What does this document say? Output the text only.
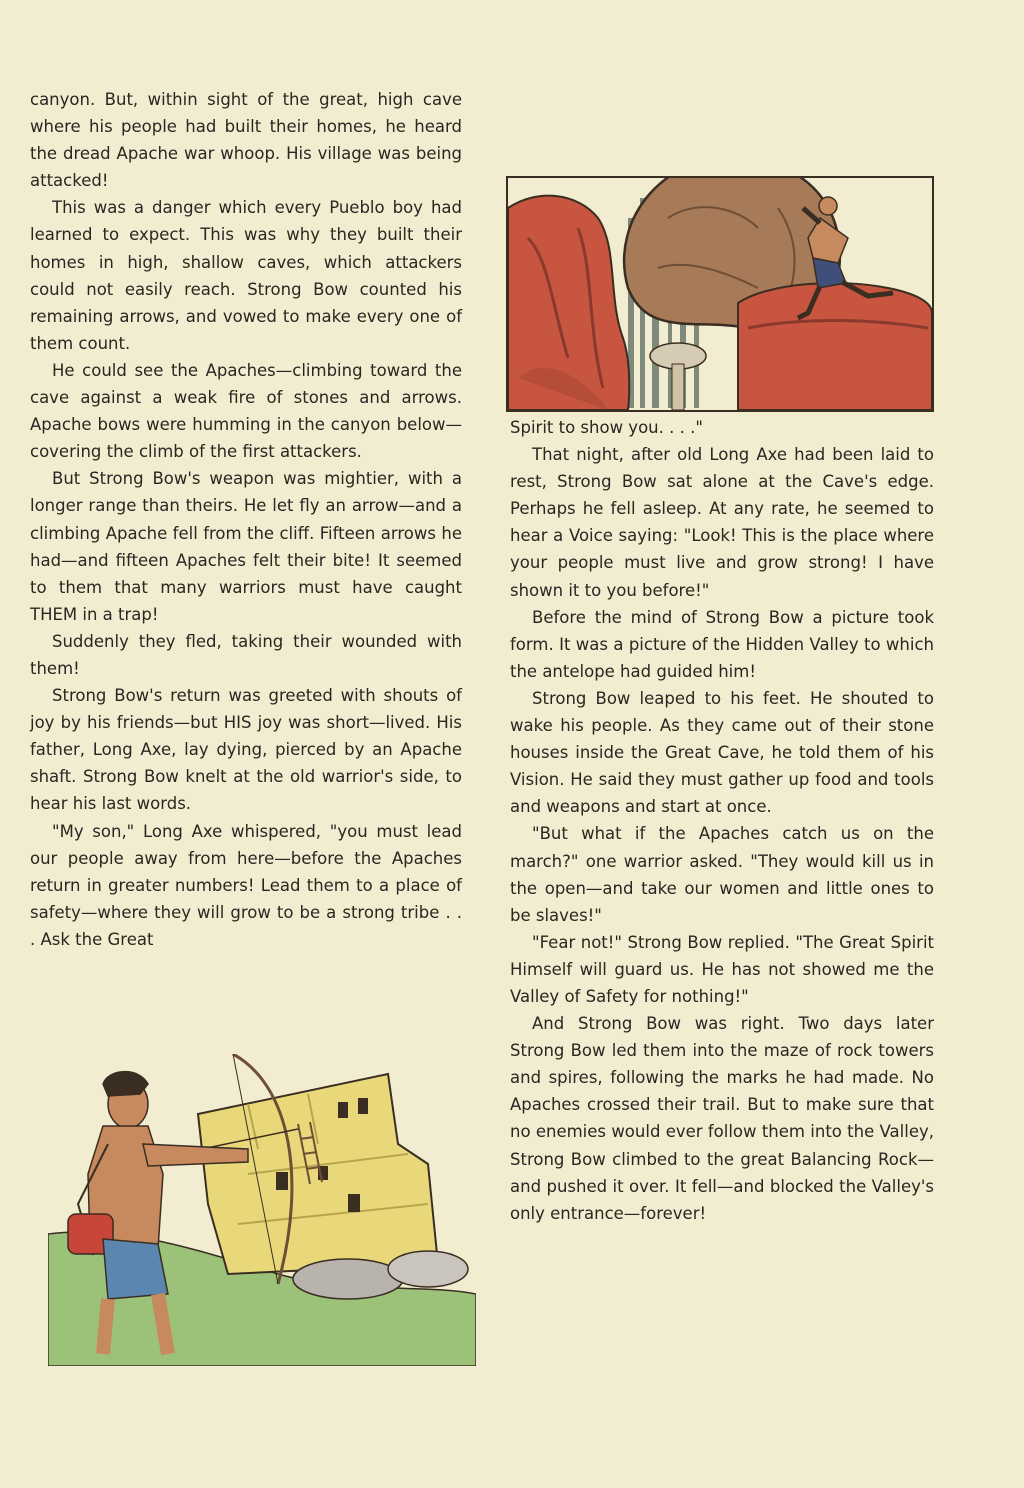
canyon. But, within sight of the great, high cave where his people had built their homes, he heard the dread Apache war whoop. His village was being attacked!

This was a danger which every Pueblo boy had learned to expect. This was why they built their homes in high, shallow caves, which attackers could not easily reach. Strong Bow counted his remaining arrows, and vowed to make every one of them count.

He could see the Apaches—climbing toward the cave against a weak fire of stones and arrows. Apache bows were humming in the canyon below—covering the climb of the first attackers.

But Strong Bow's weapon was mightier, with a longer range than theirs. He let fly an arrow—and a climbing Apache fell from the cliff. Fifteen arrows he had—and fifteen Apaches felt their bite! It seemed to them that many warriors must have caught THEM in a trap!

Suddenly they fled, taking their wounded with them!

Strong Bow's return was greeted with shouts of joy by his friends—but HIS joy was short—lived. His father, Long Axe, lay dying, pierced by an Apache shaft. Strong Bow knelt at the old warrior's side, to hear his last words.

"My son," Long Axe whispered, "you must lead our people away from here—before the Apaches return in greater numbers! Lead them to a place of safety—where they will grow to be a strong tribe . . . Ask the Great

Spirit to show you. . . ."

That night, after old Long Axe had been laid to rest, Strong Bow sat alone at the Cave's edge. Perhaps he fell asleep. At any rate, he seemed to hear a Voice saying: "Look! This is the place where your people must live and grow strong! I have shown it to you before!"

Before the mind of Strong Bow a picture took form. It was a picture of the Hidden Valley to which the antelope had guided him!

Strong Bow leaped to his feet. He shouted to wake his people. As they came out of their stone houses inside the Great Cave, he told them of his Vision. He said they must gather up food and tools and weapons and start at once.

"But what if the Apaches catch us on the march?" one warrior asked. "They would kill us in the open—and take our women and little ones to be slaves!"

"Fear not!" Strong Bow replied. "The Great Spirit Himself will guard us. He has not showed me the Valley of Safety for nothing!"

And Strong Bow was right. Two days later Strong Bow led them into the maze of rock towers and spires, following the marks he had made. No Apaches crossed their trail. But to make sure that no enemies would ever follow them into the Valley, Strong Bow climbed to the great Balancing Rock—and pushed it over. It fell—and blocked the Valley's only entrance—forever!
